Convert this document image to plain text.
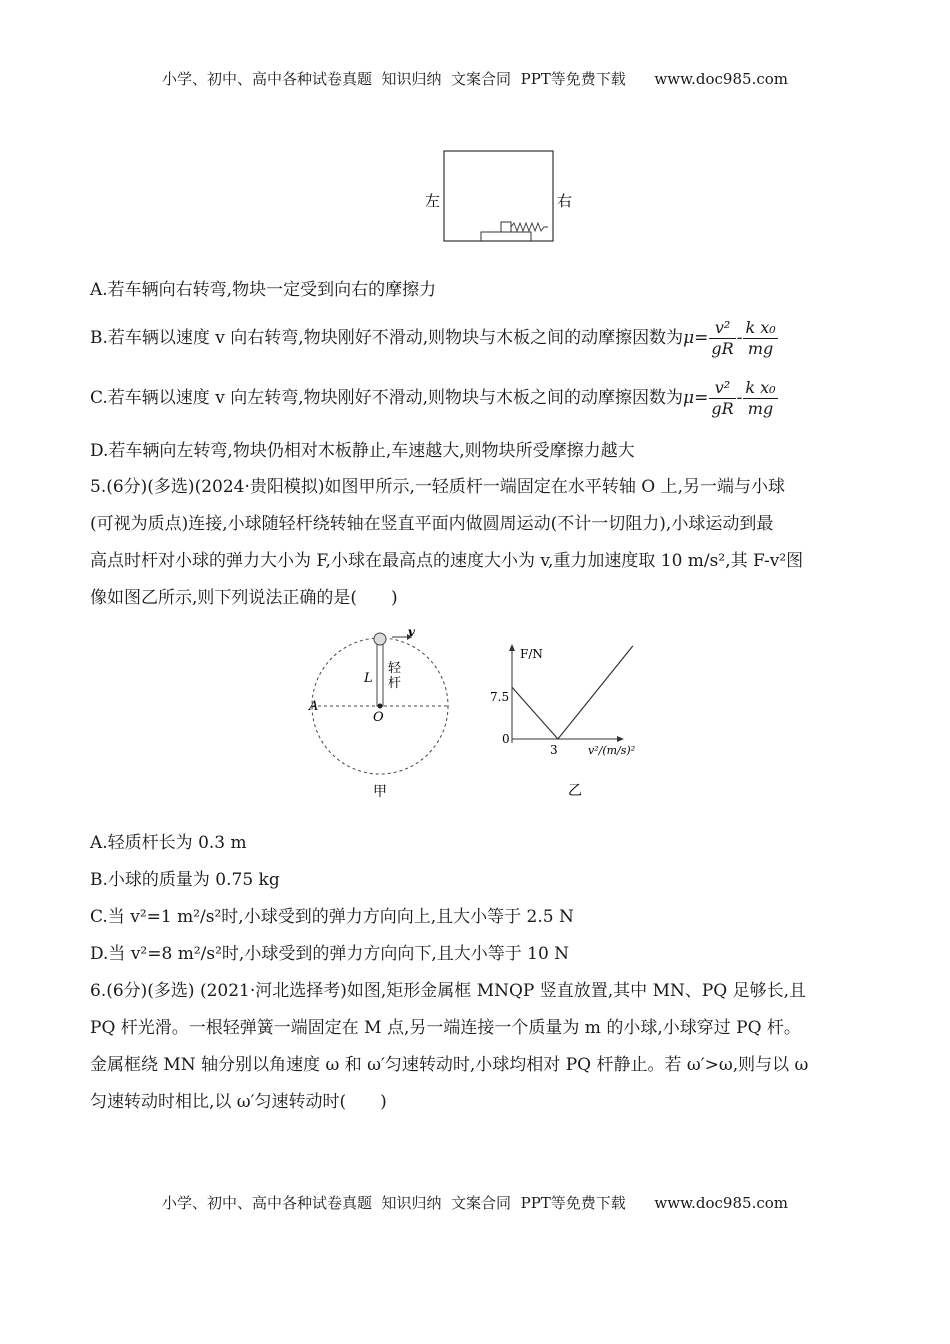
小学、初中、高中各种试卷真题  知识归纳  文案合同  PPT等免费下载      www.doc985.com
左	右
A.若车辆向右转弯,物块一定受到向右的摩擦力
B.若车辆以速度 v 向右转弯,物块刚好不滑动,则物块与木板之间的动摩擦因数为$\mu= \frac{\text{v²}}{gR} - \frac{\text{k x₀}}{mg}$
C.若车辆以速度 v 向左转弯,物块刚好不滑动,则物块与木板之间的动摩擦因数为$\mu= \frac{\text{v²}}{gR} - \frac{\text{k x₀}}{mg}$
D.若车辆向左转弯,物块仍相对木板静止,车速越大,则物块所受摩擦力越大
5.(6分)(多选)(2024·贵阳模拟)如图甲所示,一轻质杆一端固定在水平转轴 O 上,另一端与小球
(可视为质点)连接,小球随轻杆绕转轴在竖直平面内做圆周运动(不计一切阻力),小球运动到最
高点时杆对小球的弹力大小为 F,小球在最高点的速度大小为 v,重力加速度取 10 m/s²,其 F-v²图
像如图乙所示,则下列说法正确的是(　　)
v
L
轻
杆
A
O
甲
F/N
7.5
0
3	v²/(m/s)²
乙
A.轻质杆长为 0.3 m
B.小球的质量为 0.75 kg
C.当 v²=1 m²/s²时,小球受到的弹力方向向上,且大小等于 2.5 N
D.当 v²=8 m²/s²时,小球受到的弹力方向向下,且大小等于 10 N
6.(6分)(多选) (2021·河北选择考)如图,矩形金属框 MNQP 竖直放置,其中 MN、PQ 足够长,且
PQ 杆光滑。一根轻弹簧一端固定在 M 点,另一端连接一个质量为 m 的小球,小球穿过 PQ 杆。
金属框绕 MN 轴分别以角速度 ω 和 ω′匀速转动时,小球均相对 PQ 杆静止。若 ω′>ω,则与以 ω
匀速转动时相比,以 ω′匀速转动时(　　)
小学、初中、高中各种试卷真题  知识归纳  文案合同  PPT等免费下载      www.doc985.com
